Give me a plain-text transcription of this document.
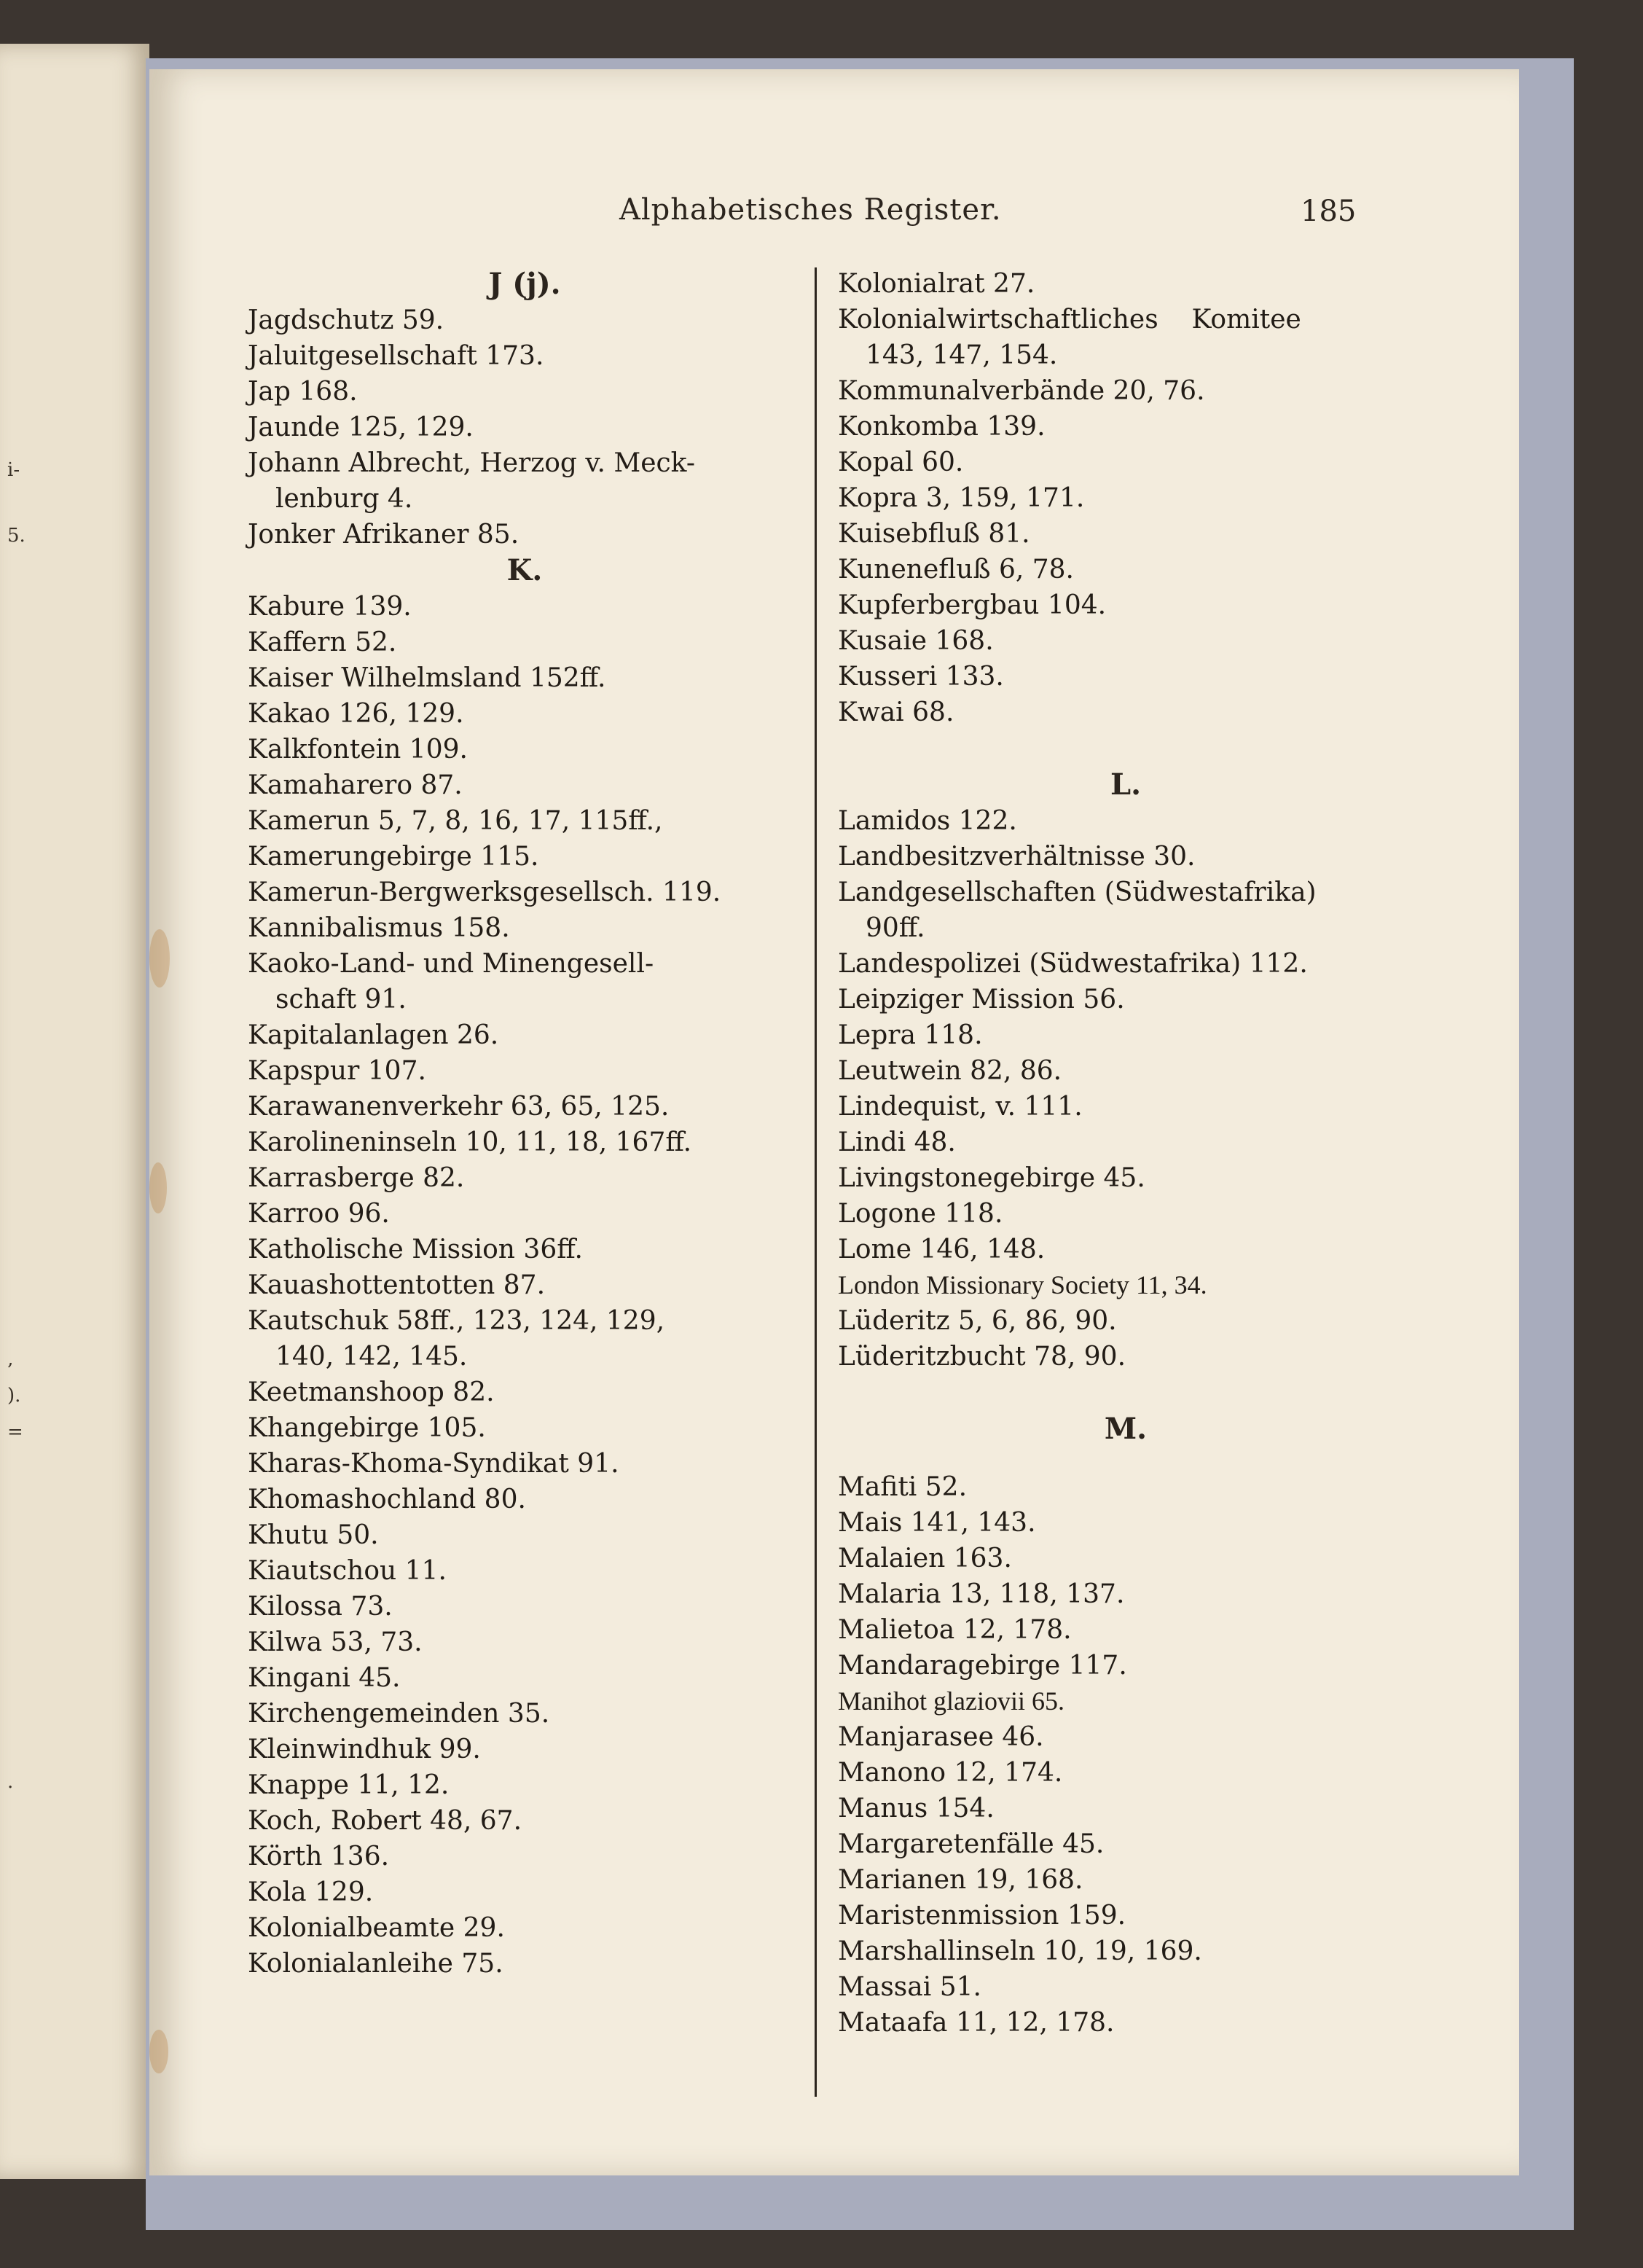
i-
5.
‚
).
=
.
Alphabetisches Register.	185
J (j).
Jagdschutz 59.
Jaluitgesellschaft 173.
Jap 168.
Jaunde 125, 129.
Johann Albrecht, Herzog v. Meck-
lenburg 4.
Jonker Afrikaner 85.
K.
Kabure 139.
Kaffern 52.
Kaiser Wilhelmsland 152ff.
Kakao 126, 129.
Kalkfontein 109.
Kamaharero 87.
Kamerun 5, 7, 8, 16, 17, 115ff.,
Kamerungebirge 115.
Kamerun-Bergwerksgesellsch. 119.
Kannibalismus 158.
Kaoko-Land- und Minengesell-
schaft 91.
Kapitalanlagen 26.
Kapspur 107.
Karawanenverkehr 63, 65, 125.
Karolineninseln 10, 11, 18, 167ff.
Karrasberge 82.
Karroo 96.
Katholische Mission 36ff.
Kauashottentotten 87.
Kautschuk 58ff., 123, 124, 129,
140, 142, 145.
Keetmanshoop 82.
Khangebirge 105.
Kharas-Khoma-Syndikat 91.
Khomashochland 80.
Khutu 50.
Kiautschou 11.
Kilossa 73.
Kilwa 53, 73.
Kingani 45.
Kirchengemeinden 35.
Kleinwindhuk 99.
Knappe 11, 12.
Koch, Robert 48, 67.
Körth 136.
Kola 129.
Kolonialbeamte 29.
Kolonialanleihe 75.
Kolonialrat 27.
Kolonialwirtschaftliches    Komitee
143, 147, 154.
Kommunalverbände 20, 76.
Konkomba 139.
Kopal 60.
Kopra 3, 159, 171.
Kuisebfluß 81.
Kunenefluß 6, 78.
Kupferbergbau 104.
Kusaie 168.
Kusseri 133.
Kwai 68.
L.
Lamidos 122.
Landbesitzverhältnisse 30.
Landgesellschaften (Südwestafrika)
90ff.
Landespolizei (Südwestafrika) 112.
Leipziger Mission 56.
Lepra 118.
Leutwein 82, 86.
Lindequist, v. 111.
Lindi 48.
Livingstonegebirge 45.
Logone 118.
Lome 146, 148.
London Missionary Society 11, 34.
Lüderitz 5, 6, 86, 90.
Lüderitzbucht 78, 90.
M.
Mafiti 52.
Mais 141, 143.
Malaien 163.
Malaria 13, 118, 137.
Malietoa 12, 178.
Mandaragebirge 117.
Manihot glaziovii 65.
Manjarasee 46.
Manono 12, 174.
Manus 154.
Margaretenfälle 45.
Marianen 19, 168.
Maristenmission 159.
Marshallinseln 10, 19, 169.
Massai 51.
Mataafa 11, 12, 178.
